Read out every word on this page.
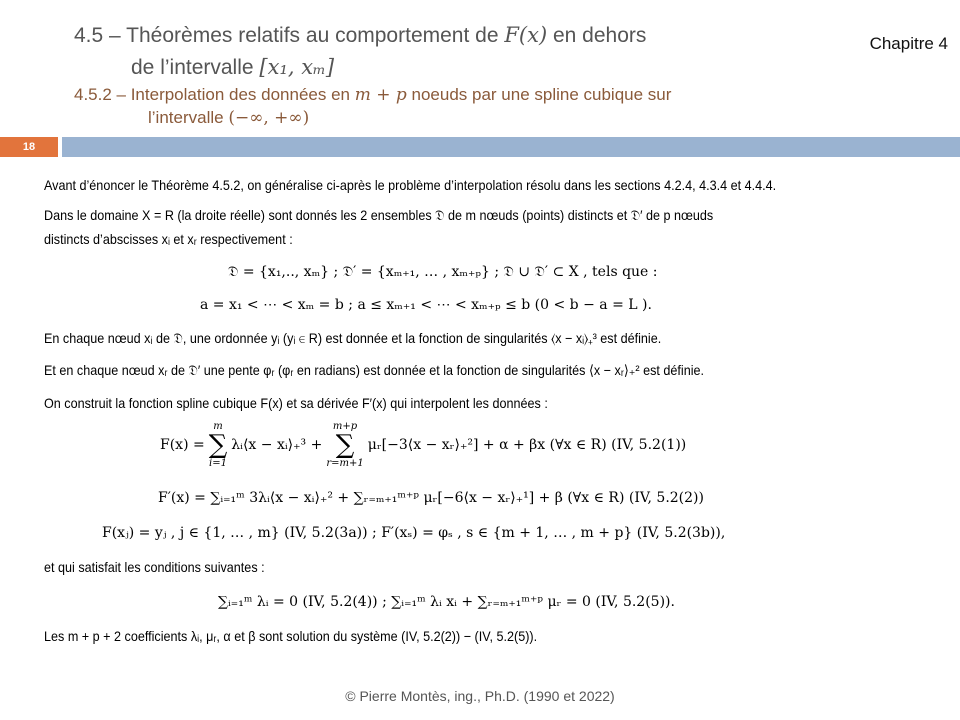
4.5 – Théorèmes relatifs au comportement de F(x) en dehors
de l’intervalle [x₁, xₘ]
4.5.2 – Interpolation des données en m + p noeuds par une spline cubique sur
l’intervalle (−∞, +∞)
Chapitre 4
18
Avant d’énoncer le Théorème 4.5.2, on généralise ci-après le problème d’interpolation résolu dans les sections 4.2.4, 4.3.4 et 4.4.4.
Dans le domaine X = R (la droite réelle) sont donnés les 2 ensembles 𝔇 de m nœuds (points) distincts et 𝔇′ de p nœuds
distincts d’abscisses xᵢ et xᵣ respectivement :
𝔇 = {x₁,.., xₘ} ; 𝔇′ = {xₘ₊₁, … , xₘ₊ₚ} ; 𝔇 ∪ 𝔇′ ⊂ X , tels que :
a = x₁ < ⋯ < xₘ = b ; a ≤ xₘ₊₁ < ⋯ < xₘ₊ₚ ≤ b (0 < b − a = L ).
En chaque nœud xᵢ de 𝔇, une ordonnée yᵢ (yᵢ ∈ R) est donnée et la fonction de singularités ⟨x − xᵢ⟩₊³ est définie.
Et en chaque nœud xᵣ de 𝔇′ une pente φᵣ (φᵣ en radians) est donnée et la fonction de singularités ⟨x − xᵣ⟩₊² est définie.
On construit la fonction spline cubique F(x) et sa dérivée F′(x) qui interpolent les données :
F(x) =
m
∑
i=1
λᵢ⟨x − xᵢ⟩₊³ +
m+p
∑
r=m+1
μᵣ[−3⟨x − xᵣ⟩₊²] + α + βx (∀x ∈ R) (IV, 5.2(1))
F′(x) = ∑ᵢ₌₁ᵐ 3λᵢ⟨x − xᵢ⟩₊² + ∑ᵣ₌ₘ₊₁ᵐ⁺ᵖ μᵣ[−6⟨x − xᵣ⟩₊¹] + β (∀x ∈ R) (IV, 5.2(2))
F(xⱼ) = yⱼ , j ∈ {1, … , m} (IV, 5.2(3a)) ; F′(xₛ) = φₛ , s ∈ {m + 1, … , m + p} (IV, 5.2(3b)),
et qui satisfait les conditions suivantes :
∑ᵢ₌₁ᵐ λᵢ = 0 (IV, 5.2(4)) ; ∑ᵢ₌₁ᵐ λᵢ xᵢ + ∑ᵣ₌ₘ₊₁ᵐ⁺ᵖ μᵣ = 0 (IV, 5.2(5)).
Les m + p + 2 coefficients λᵢ, μᵣ, α et β sont solution du système (IV, 5.2(2)) − (IV, 5.2(5)).
© Pierre Montès, ing., Ph.D. (1990 et 2022)
